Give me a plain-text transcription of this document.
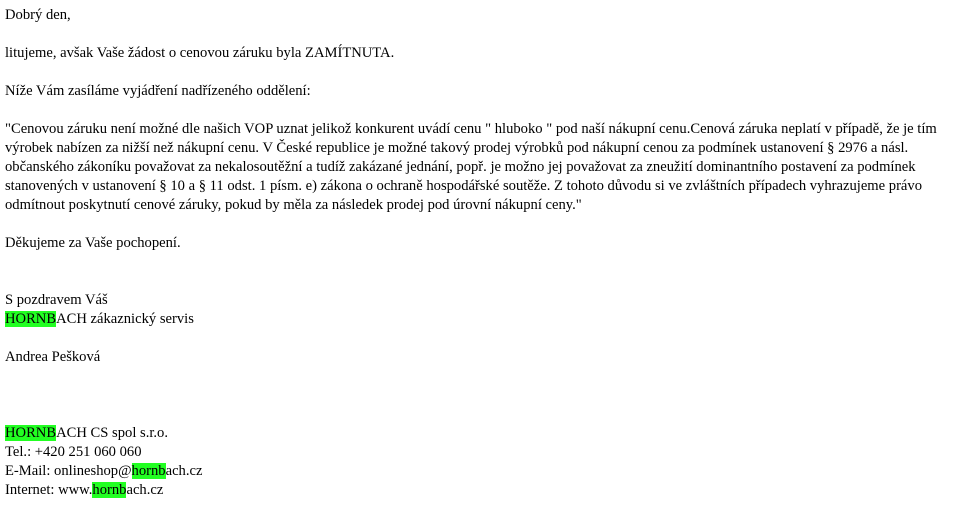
Dobrý den,
litujeme, avšak Vaše žádost o cenovou záruku byla ZAMÍTNUTA.
Níže Vám zasíláme vyjádření nadřízeného oddělení:
"Cenovou záruku není možné dle našich VOP uznat jelikož konkurent uvádí cenu " hluboko " pod naší nákupní cenu.Cenová záruka neplatí v případě, že je tím výrobek nabízen za nižší než nákupní cenu. V České republice je možné takový prodej výrobků pod nákupní cenou za podmínek ustanovení § 2976 a násl. občanského zákoníku považovat za nekalosoutěžní a tudíž zakázané jednání, popř. je možno jej považovat za zneužití dominantního postavení za podmínek stanovených v ustanovení § 10 a § 11 odst. 1 písm. e) zákona o ochraně hospodářské soutěže. Z tohoto důvodu si ve zvláštních případech vyhrazujeme právo odmítnout poskytnutí cenové záruky, pokud by měla za následek prodej pod úrovní nákupní ceny."
Děkujeme za Vaše pochopení.
S pozdravem Váš
HORNBACH zákaznický servis
Andrea Pešková
HORNBACH CS spol s.r.o.
Tel.: +420 251 060 060
E-Mail: onlineshop@hornbach.cz
Internet: www.hornbach.cz
